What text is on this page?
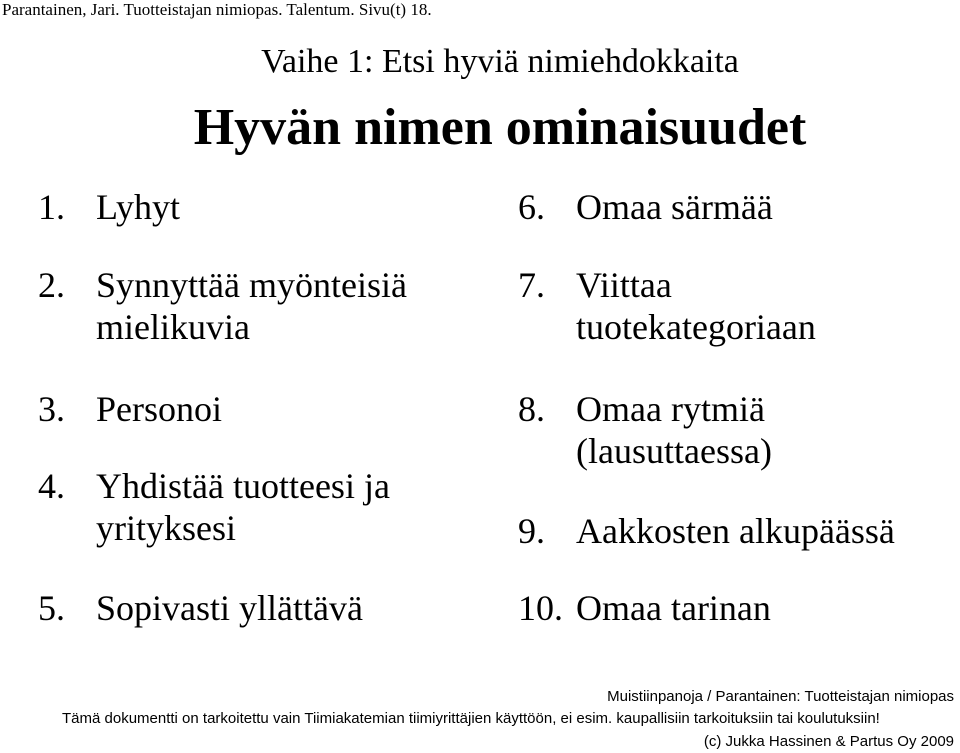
Parantainen, Jari. Tuotteistajan nimiopas. Talentum. Sivu(t) 18.
Vaihe 1: Etsi hyviä nimiehdokkaita
Hyvän nimen ominaisuudet
1. Lyhyt
2. Synnyttää myönteisiä
mielikuvia
3. Personoi
4. Yhdistää tuotteesi ja
yrityksesi
5. Sopivasti yllättävä
6. Omaa särmää
7. Viittaa
tuotekategoriaan
8. Omaa rytmiä
(lausuttaessa)
9. Aakkosten alkupäässä
10. Omaa tarinan
Muistiinpanoja / Parantainen: Tuotteistajan nimiopas
Tämä dokumentti on tarkoitettu vain Tiimiakatemian tiimiyrittäjien käyttöön, ei esim. kaupallisiin tarkoituksiin tai koulutuksiin!
(c) Jukka Hassinen & Partus Oy 2009
